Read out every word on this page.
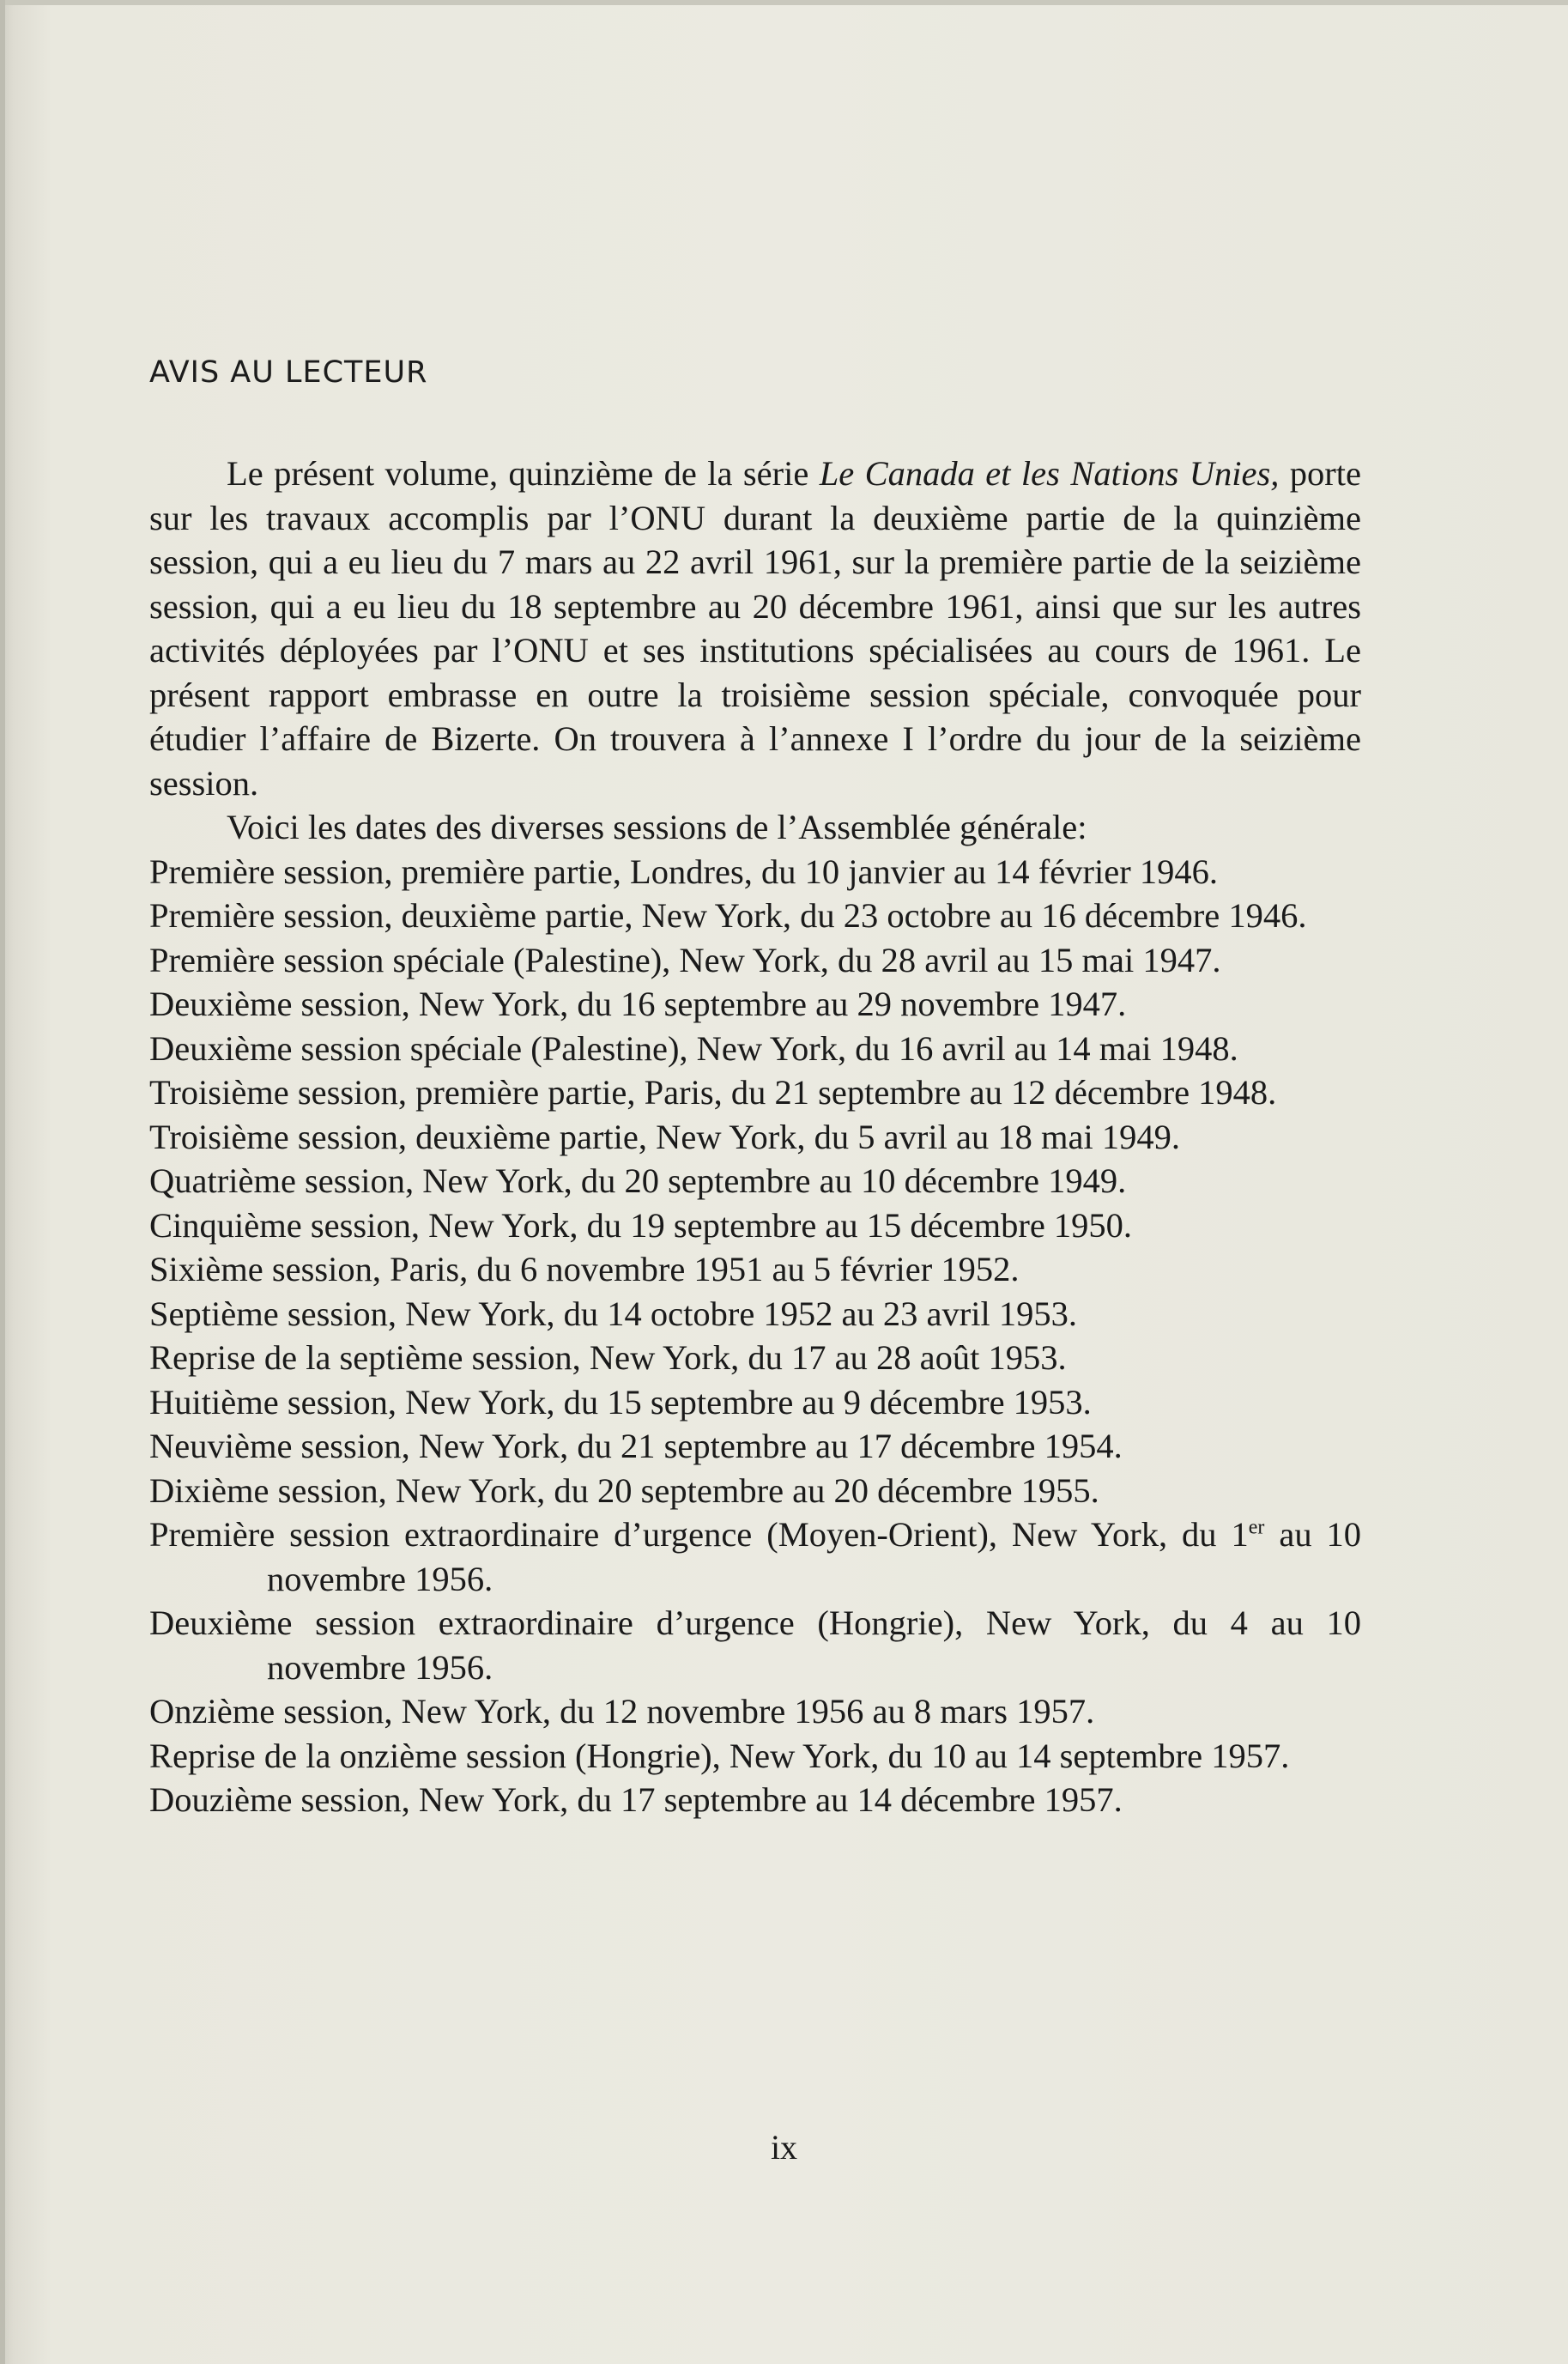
AVIS AU LECTEUR

Le présent volume, quinzième de la série Le Canada et les Nations Unies, porte sur les travaux accomplis par l’ONU durant la deuxième partie de la quinzième session, qui a eu lieu du 7 mars au 22 avril 1961, sur la première partie de la seizième session, qui a eu lieu du 18 septembre au 20 décembre 1961, ainsi que sur les autres activités déployées par l’ONU et ses institutions spécialisées au cours de 1961. Le présent rapport embrasse en outre la troisième session spéciale, convoquée pour étudier l’affaire de Bizerte. On trouvera à l’annexe I l’ordre du jour de la seizième session.

Voici les dates des diverses sessions de l’Assemblée générale:

Première session, première partie, Londres, du 10 janvier au 14 février 1946.

Première session, deuxième partie, New York, du 23 octobre au 16 décembre 1946.

Première session spéciale (Palestine), New York, du 28 avril au 15 mai 1947.

Deuxième session, New York, du 16 septembre au 29 novembre 1947.

Deuxième session spéciale (Palestine), New York, du 16 avril au 14 mai 1948.

Troisième session, première partie, Paris, du 21 septembre au 12 décembre 1948.

Troisième session, deuxième partie, New York, du 5 avril au 18 mai 1949.

Quatrième session, New York, du 20 septembre au 10 décembre 1949.

Cinquième session, New York, du 19 septembre au 15 décembre 1950.

Sixième session, Paris, du 6 novembre 1951 au 5 février 1952.

Septième session, New York, du 14 octobre 1952 au 23 avril 1953.

Reprise de la septième session, New York, du 17 au 28 août 1953.

Huitième session, New York, du 15 septembre au 9 décembre 1953.

Neuvième session, New York, du 21 septembre au 17 décembre 1954.

Dixième session, New York, du 20 septembre au 20 décembre 1955.

Première session extraordinaire d’urgence (Moyen-Orient), New York, du 1er au 10 novembre 1956.

Deuxième session extraordinaire d’urgence (Hongrie), New York, du 4 au 10 novembre 1956.

Onzième session, New York, du 12 novembre 1956 au 8 mars 1957.

Reprise de la onzième session (Hongrie), New York, du 10 au 14 septembre 1957.

Douzième session, New York, du 17 septembre au 14 décembre 1957.

ix
